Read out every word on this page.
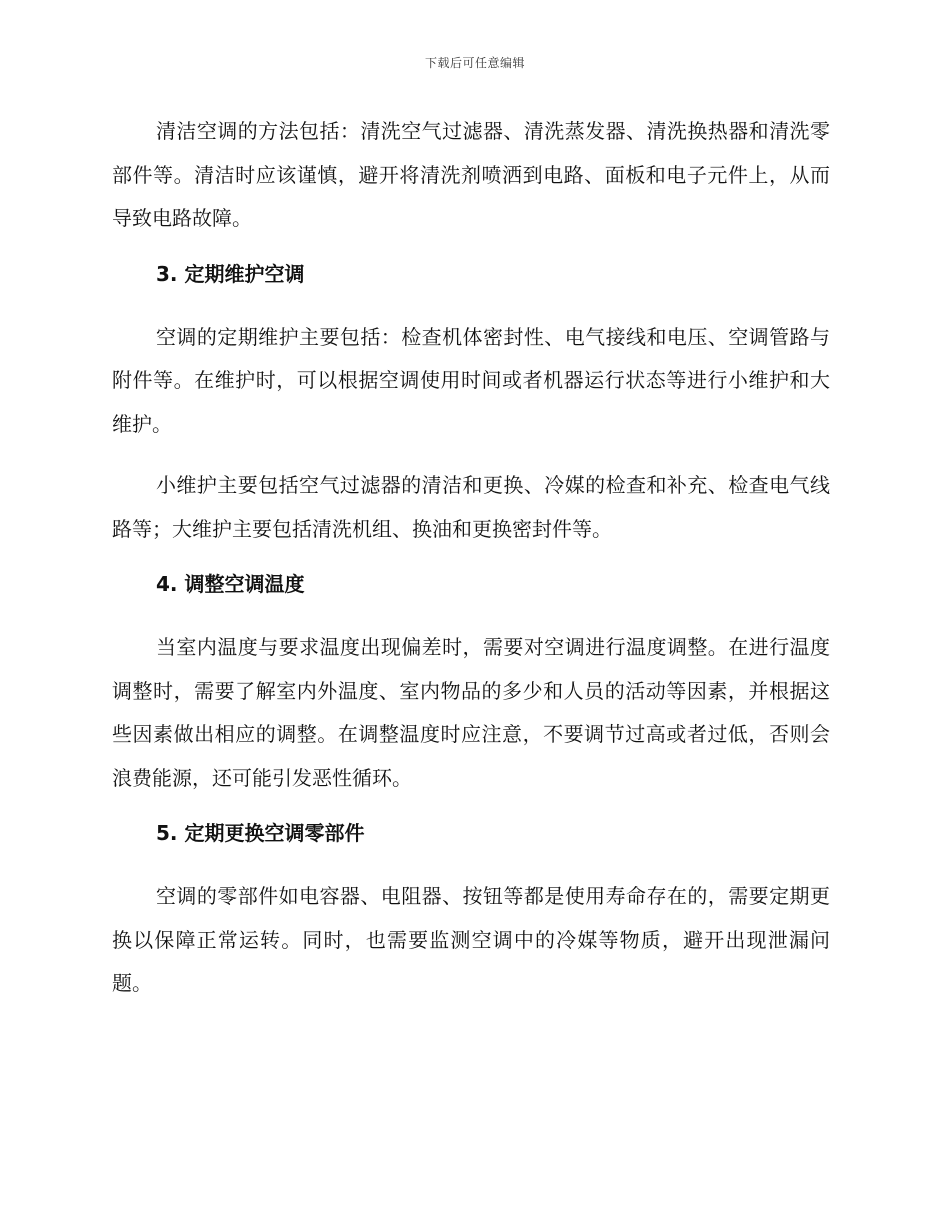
下载后可任意编辑

清洁空调的方法包括：清洗空气过滤器、清洗蒸发器、清洗换热器和清洗零部件等。清洁时应该谨慎，避开将清洗剂喷洒到电路、面板和电子元件上，从而导致电路故障。

3. 定期维护空调

空调的定期维护主要包括：检查机体密封性、电气接线和电压、空调管路与附件等。在维护时，可以根据空调使用时间或者机器运行状态等进行小维护和大维护。

小维护主要包括空气过滤器的清洁和更换、冷媒的检查和补充、检查电气线路等；大维护主要包括清洗机组、换油和更换密封件等。

4. 调整空调温度

当室内温度与要求温度出现偏差时，需要对空调进行温度调整。在进行温度调整时，需要了解室内外温度、室内物品的多少和人员的活动等因素，并根据这些因素做出相应的调整。在调整温度时应注意，不要调节过高或者过低，否则会浪费能源，还可能引发恶性循环。

5. 定期更换空调零部件

空调的零部件如电容器、电阻器、按钮等都是使用寿命存在的，需要定期更换以保障正常运转。同时，也需要监测空调中的冷媒等物质，避开出现泄漏问题。
